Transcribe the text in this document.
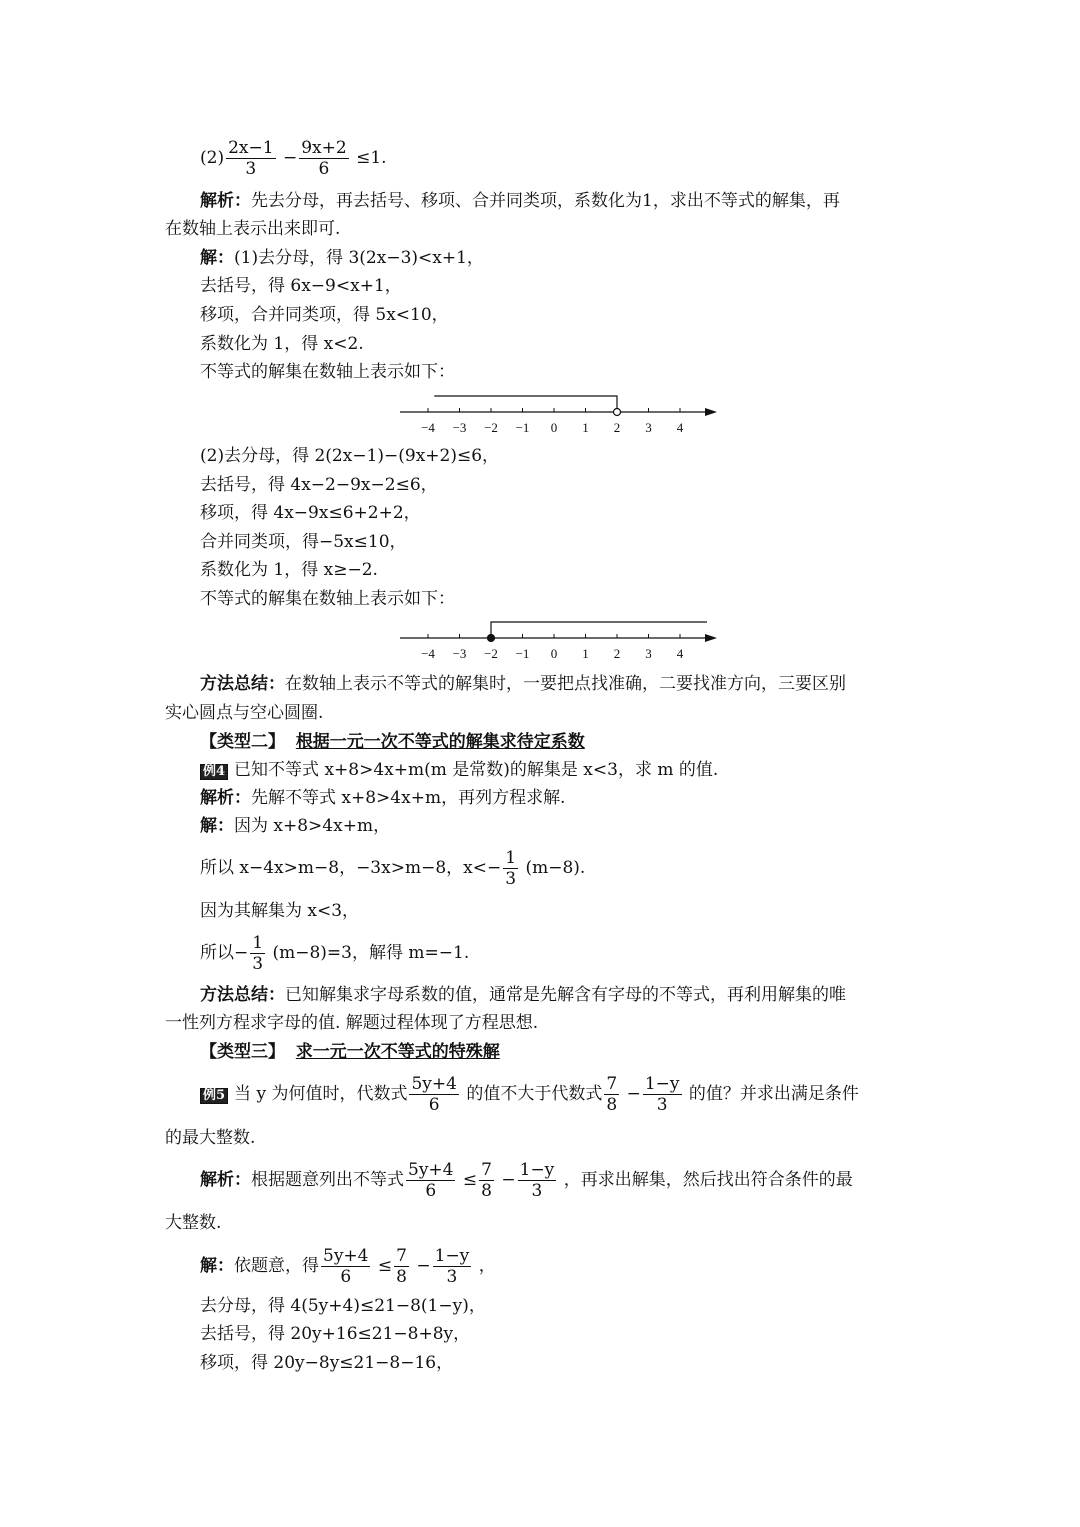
$(2) \frac{2x-1}{3} - \frac{9x+2}{6} \le 1$.
解析：先去分母，再去括号、移项、合并同类项，系数化为1，求出不等式的解集，再
在数轴上表示出来即可.
解：(1)去分母，得 3(2x−3)<x+1，
去括号，得 6x−9<x+1，
移项，合并同类项，得 5x<10，
系数化为 1，得 x<2.
不等式的解集在数轴上表示如下：
−4 −3 −2 −1 0 1 2 3 4
(2)去分母，得 2(2x−1)−(9x+2)≤6，
去括号，得 4x−2−9x−2≤6，
移项，得 4x−9x≤6+2+2，
合并同类项，得−5x≤10，
系数化为 1，得 x≥−2.
不等式的解集在数轴上表示如下：
−4 −3 −2 −1 0 1 2 3 4
方法总结：在数轴上表示不等式的解集时，一要把点找准确，二要找准方向，三要区别
实心圆点与空心圆圈.
【类型二】 根据一元一次不等式的解集求待定系数
例4 已知不等式 x+8>4x+m(m 是常数)的解集是 x<3，求 m 的值.
解析：先解不等式 x+8>4x+m，再列方程求解.
解：因为 x+8>4x+m，
所以 x−4x>m−8，−3x>m−8，$x<- \frac{1}{3} (m-8)$.
因为其解集为 x<3，
所以− $\frac{1}{3} (m-8)=3$，解得 m=−1.
方法总结：已知解集求字母系数的值，通常是先解含有字母的不等式，再利用解集的唯
一性列方程求字母的值. 解题过程体现了方程思想.
【类型三】 求一元一次不等式的特殊解
例5 当 y 为何值时，代数式 $\frac{5y+4}{6}$ 的值不大于代数式 $\frac{7}{8} - \frac{1-y}{3}$ 的值？并求出满足条件
的最大整数.
解析：根据题意列出不等式 $\frac{5y+4}{6} \le \frac{7}{8} - \frac{1-y}{3}$ ，再求出解集，然后找出符合条件的最
大整数.
解：依题意，得 $\frac{5y+4}{6} \le \frac{7}{8} - \frac{1-y}{3}$ ，
去分母，得 4(5y+4)≤21−8(1−y)，
去括号，得 20y+16≤21−8+8y，
移项，得 20y−8y≤21−8−16，
